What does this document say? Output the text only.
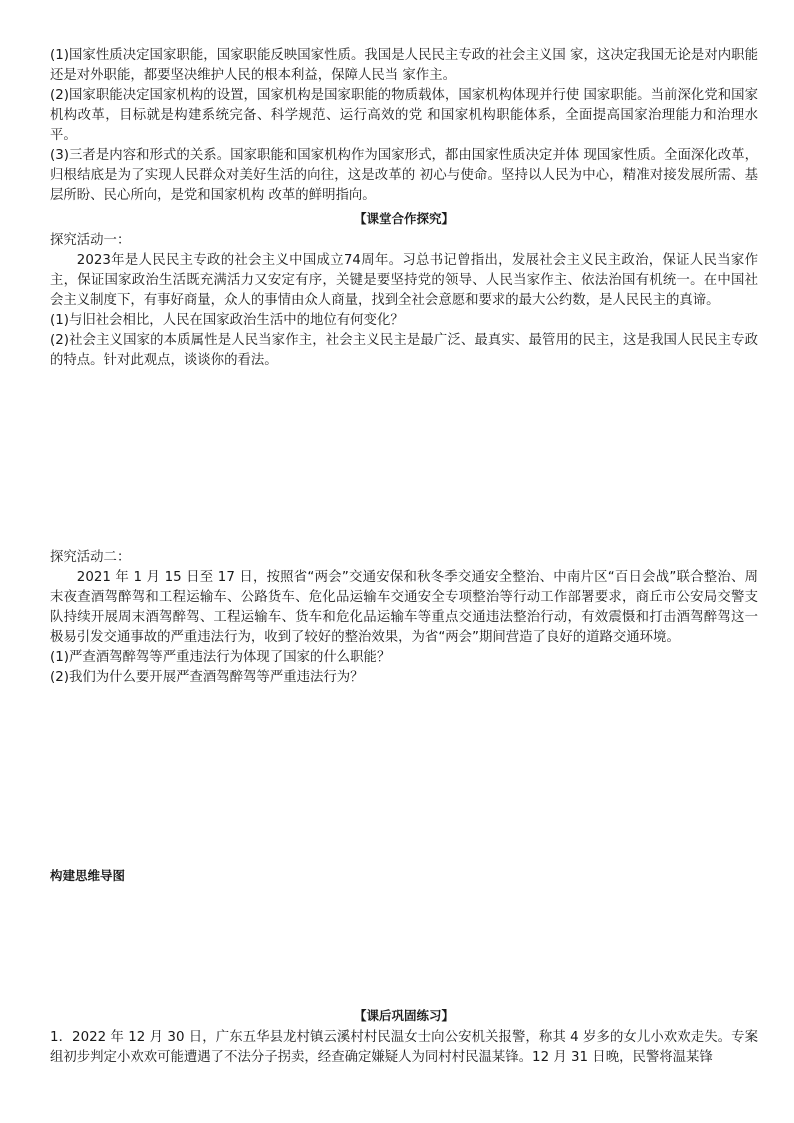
(1)国家性质决定国家职能，国家职能反映国家性质。我国是人民民主专政的社会主义国 家，这决定我国无论是对内职能还是对外职能，都要坚决维护人民的根本利益，保障人民当 家作主。

(2)国家职能决定国家机构的设置，国家机构是国家职能的物质载体，国家机构体现并行使 国家职能。当前深化党和国家机构改革，目标就是构建系统完备、科学规范、运行高效的党 和国家机构职能体系，全面提高国家治理能力和治理水平。

(3)三者是内容和形式的关系。国家职能和国家机构作为国家形式，都由国家性质决定并体 现国家性质。全面深化改革，归根结底是为了实现人民群众对美好生活的向往，这是改革的 初心与使命。坚持以人民为中心，精准对接发展所需、基层所盼、民心所向，是党和国家机构 改革的鲜明指向。

【课堂合作探究】

探究活动一：

2023年是人民民主专政的社会主义中国成立74周年。习总书记曾指出，发展社会主义民主政治，保证人民当家作主，保证国家政治生活既充满活力又安定有序，关键是要坚持党的领导、人民当家作主、依法治国有机统一。在中国社会主义制度下，有事好商量，众人的事情由众人商量，找到全社会意愿和要求的最大公约数，是人民民主的真谛。

(1)与旧社会相比，人民在国家政治生活中的地位有何变化？

(2)社会主义国家的本质属性是人民当家作主，社会主义民主是最广泛、最真实、最管用的民主，这是我国人民民主专政的特点。针对此观点，谈谈你的看法。

探究活动二：

2021 年 1 月 15 日至 17 日，按照省“两会”交通安保和秋冬季交通安全整治、中南片区“百日会战”联合整治、周末夜查酒驾醉驾和工程运输车、公路货车、危化品运输车交通安全专项整治等行动工作部署要求，商丘市公安局交警支队持续开展周末酒驾醉驾、工程运输车、货车和危化品运输车等重点交通违法整治行动，有效震慑和打击酒驾醉驾这一极易引发交通事故的严重违法行为，收到了较好的整治效果，为省“两会”期间营造了良好的道路交通环境。

(1)严查酒驾醉驾等严重违法行为体现了国家的什么职能？

(2)我们为什么要开展严查酒驾醉驾等严重违法行为？

构建思维导图

【课后巩固练习】

1．2022 年 12 月 30 日，广东五华县龙村镇云溪村村民温女士向公安机关报警，称其 4 岁多的女儿小欢欢走失。专案组初步判定小欢欢可能遭遇了不法分子拐卖，经查确定嫌疑人为同村村民温某锋。12 月 31 日晚，民警将温某锋
